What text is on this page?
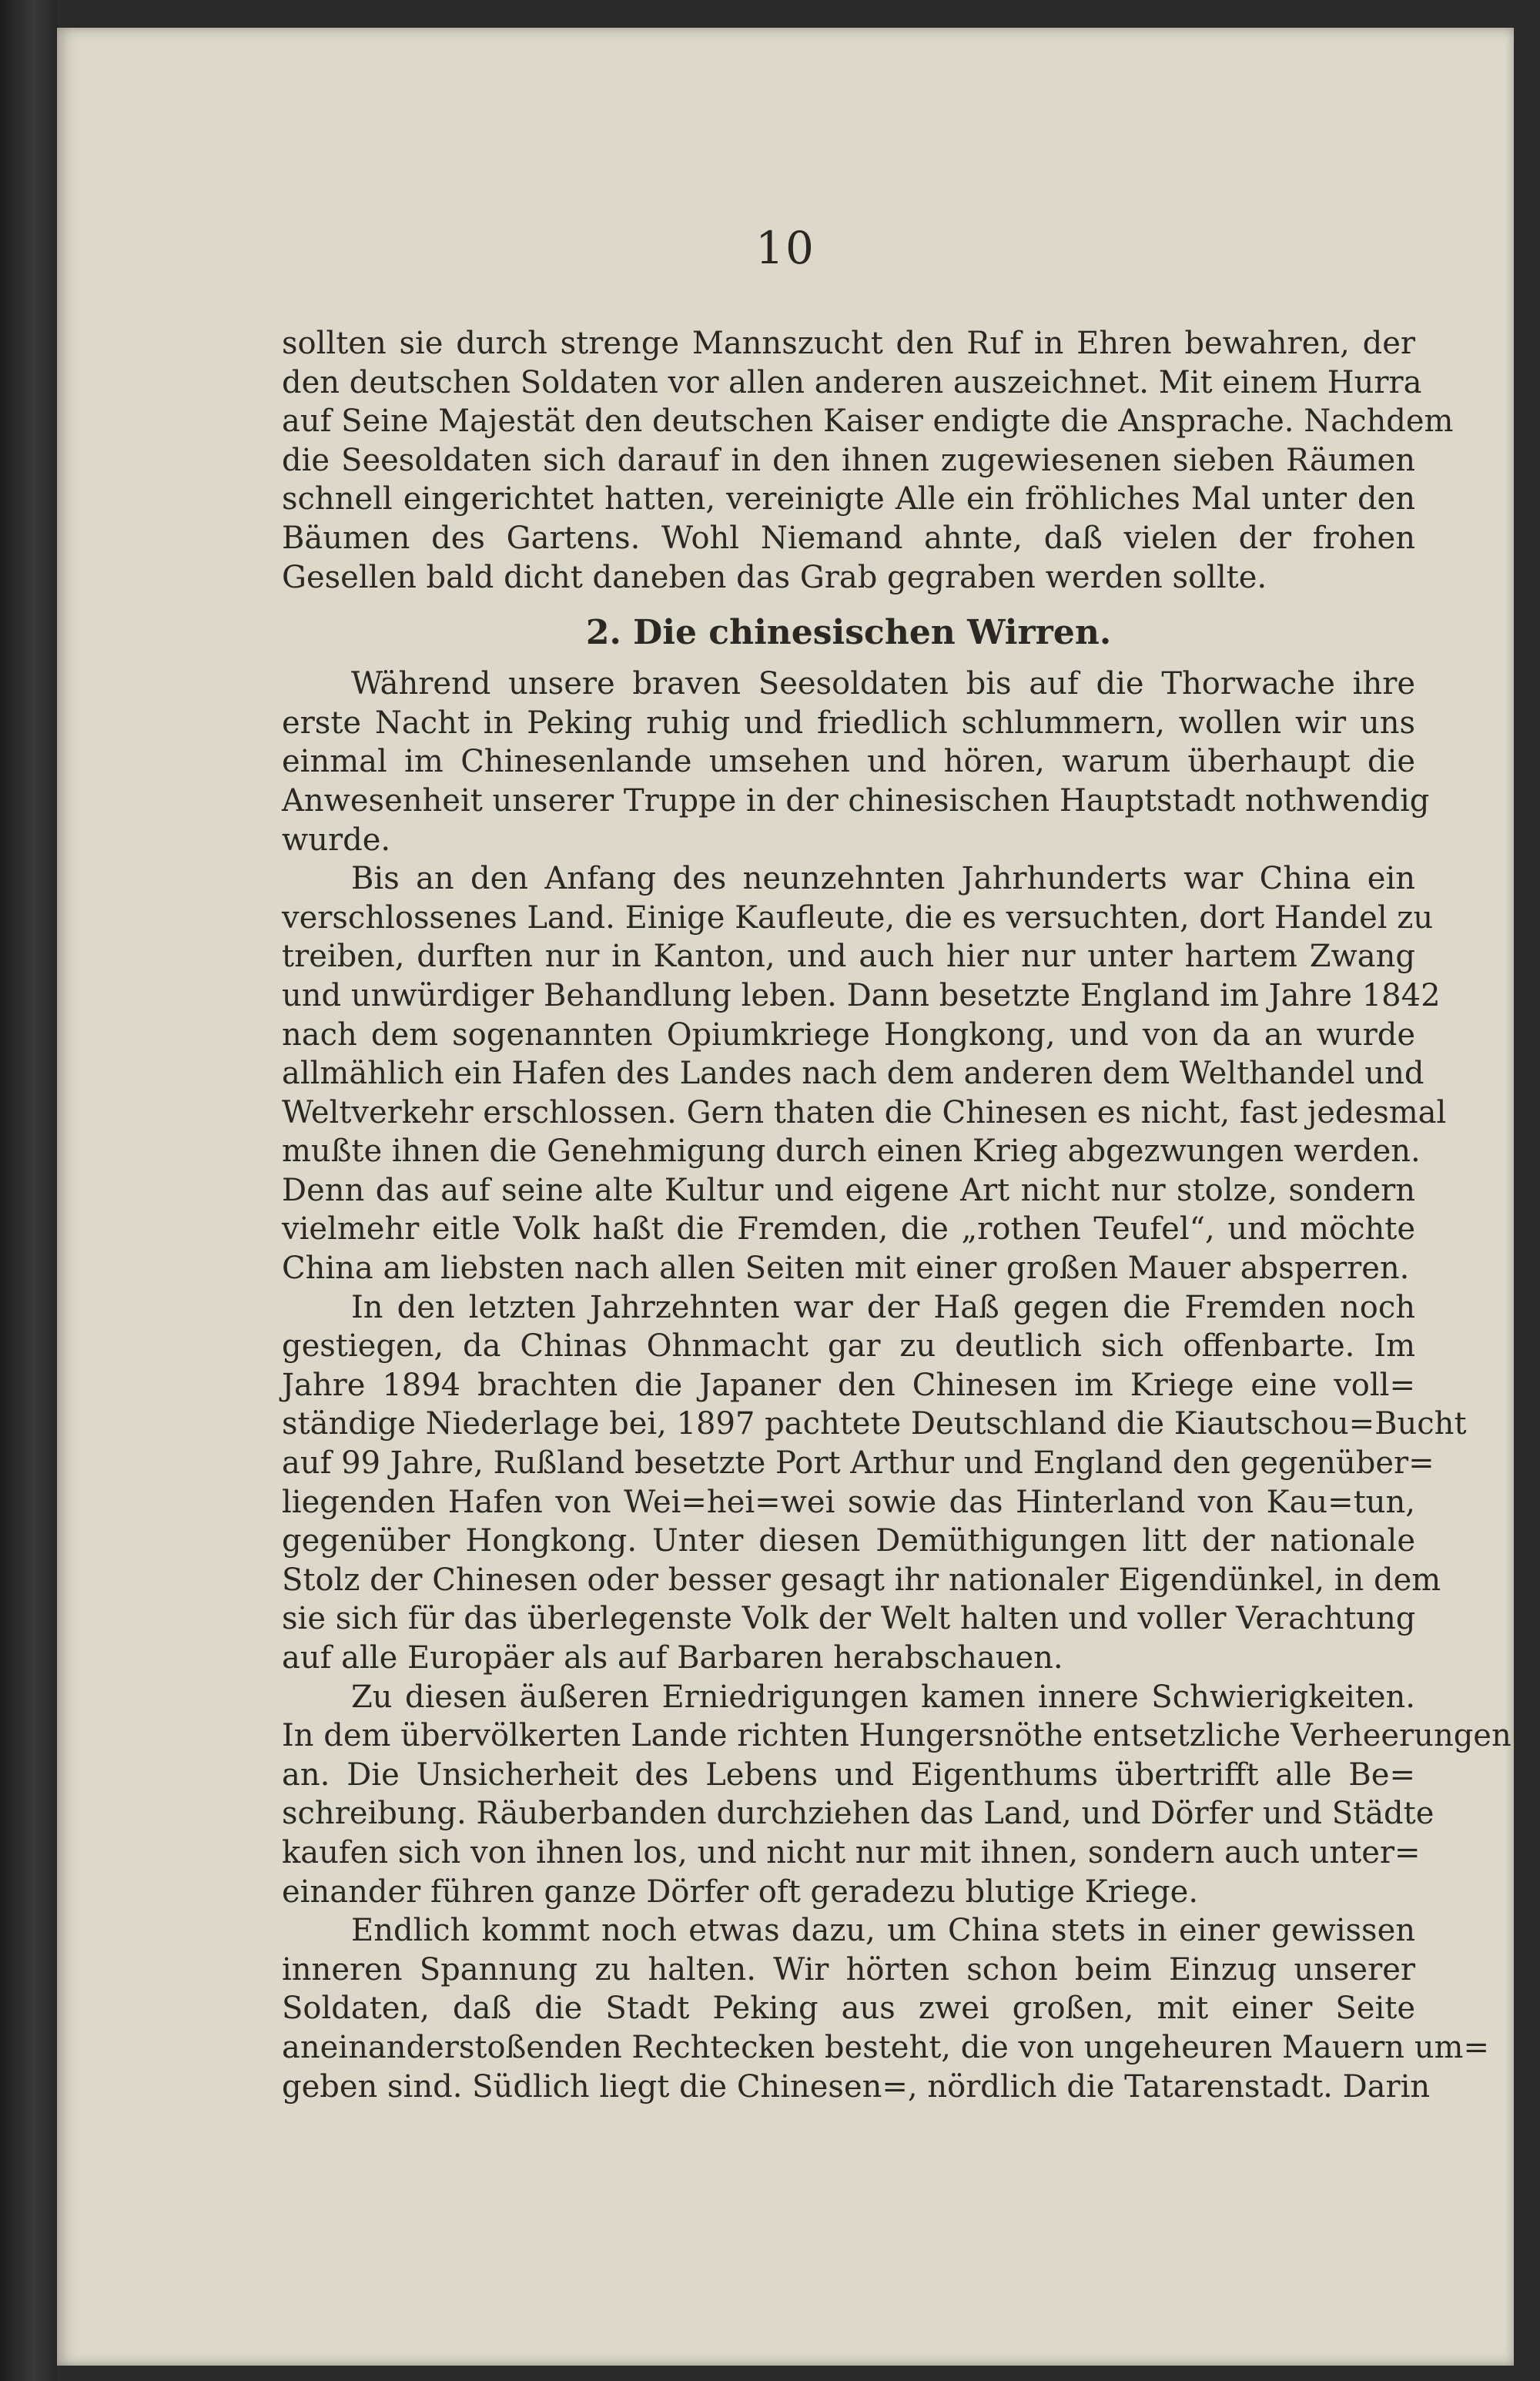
10
sollten sie durch strenge Mannszucht den Ruf in Ehren bewahren, der
den deutschen Soldaten vor allen anderen auszeichnet. Mit einem Hurra
auf Seine Majestät den deutschen Kaiser endigte die Ansprache. Nachdem
die Seesoldaten sich darauf in den ihnen zugewiesenen sieben Räumen
schnell eingerichtet hatten, vereinigte Alle ein fröhliches Mal unter den
Bäumen des Gartens. Wohl Niemand ahnte, daß vielen der frohen
Gesellen bald dicht daneben das Grab gegraben werden sollte.
2. Die chinesischen Wirren.
Während unsere braven Seesoldaten bis auf die Thorwache ihre
erste Nacht in Peking ruhig und friedlich schlummern, wollen wir uns
einmal im Chinesenlande umsehen und hören, warum überhaupt die
Anwesenheit unserer Truppe in der chinesischen Hauptstadt nothwendig
wurde.
Bis an den Anfang des neunzehnten Jahrhunderts war China ein
verschlossenes Land. Einige Kaufleute, die es versuchten, dort Handel zu
treiben, durften nur in Kanton, und auch hier nur unter hartem Zwang
und unwürdiger Behandlung leben. Dann besetzte England im Jahre 1842
nach dem sogenannten Opiumkriege Hongkong, und von da an wurde
allmählich ein Hafen des Landes nach dem anderen dem Welthandel und
Weltverkehr erschlossen. Gern thaten die Chinesen es nicht, fast jedesmal
mußte ihnen die Genehmigung durch einen Krieg abgezwungen werden.
Denn das auf seine alte Kultur und eigene Art nicht nur stolze, sondern
vielmehr eitle Volk haßt die Fremden, die „rothen Teufel“, und möchte
China am liebsten nach allen Seiten mit einer großen Mauer absperren.
In den letzten Jahrzehnten war der Haß gegen die Fremden noch
gestiegen, da Chinas Ohnmacht gar zu deutlich sich offenbarte. Im
Jahre 1894 brachten die Japaner den Chinesen im Kriege eine voll=
ständige Niederlage bei, 1897 pachtete Deutschland die Kiautschou=Bucht
auf 99 Jahre, Rußland besetzte Port Arthur und England den gegenüber=
liegenden Hafen von Wei=hei=wei sowie das Hinterland von Kau=tun,
gegenüber Hongkong. Unter diesen Demüthigungen litt der nationale
Stolz der Chinesen oder besser gesagt ihr nationaler Eigendünkel, in dem
sie sich für das überlegenste Volk der Welt halten und voller Verachtung
auf alle Europäer als auf Barbaren herabschauen.
Zu diesen äußeren Erniedrigungen kamen innere Schwierigkeiten.
In dem übervölkerten Lande richten Hungersnöthe entsetzliche Verheerungen
an. Die Unsicherheit des Lebens und Eigenthums übertrifft alle Be=
schreibung. Räuberbanden durchziehen das Land, und Dörfer und Städte
kaufen sich von ihnen los, und nicht nur mit ihnen, sondern auch unter=
einander führen ganze Dörfer oft geradezu blutige Kriege.
Endlich kommt noch etwas dazu, um China stets in einer gewissen
inneren Spannung zu halten. Wir hörten schon beim Einzug unserer
Soldaten, daß die Stadt Peking aus zwei großen, mit einer Seite
aneinanderstoßenden Rechtecken besteht, die von ungeheuren Mauern um=
geben sind. Südlich liegt die Chinesen=, nördlich die Tatarenstadt. Darin
